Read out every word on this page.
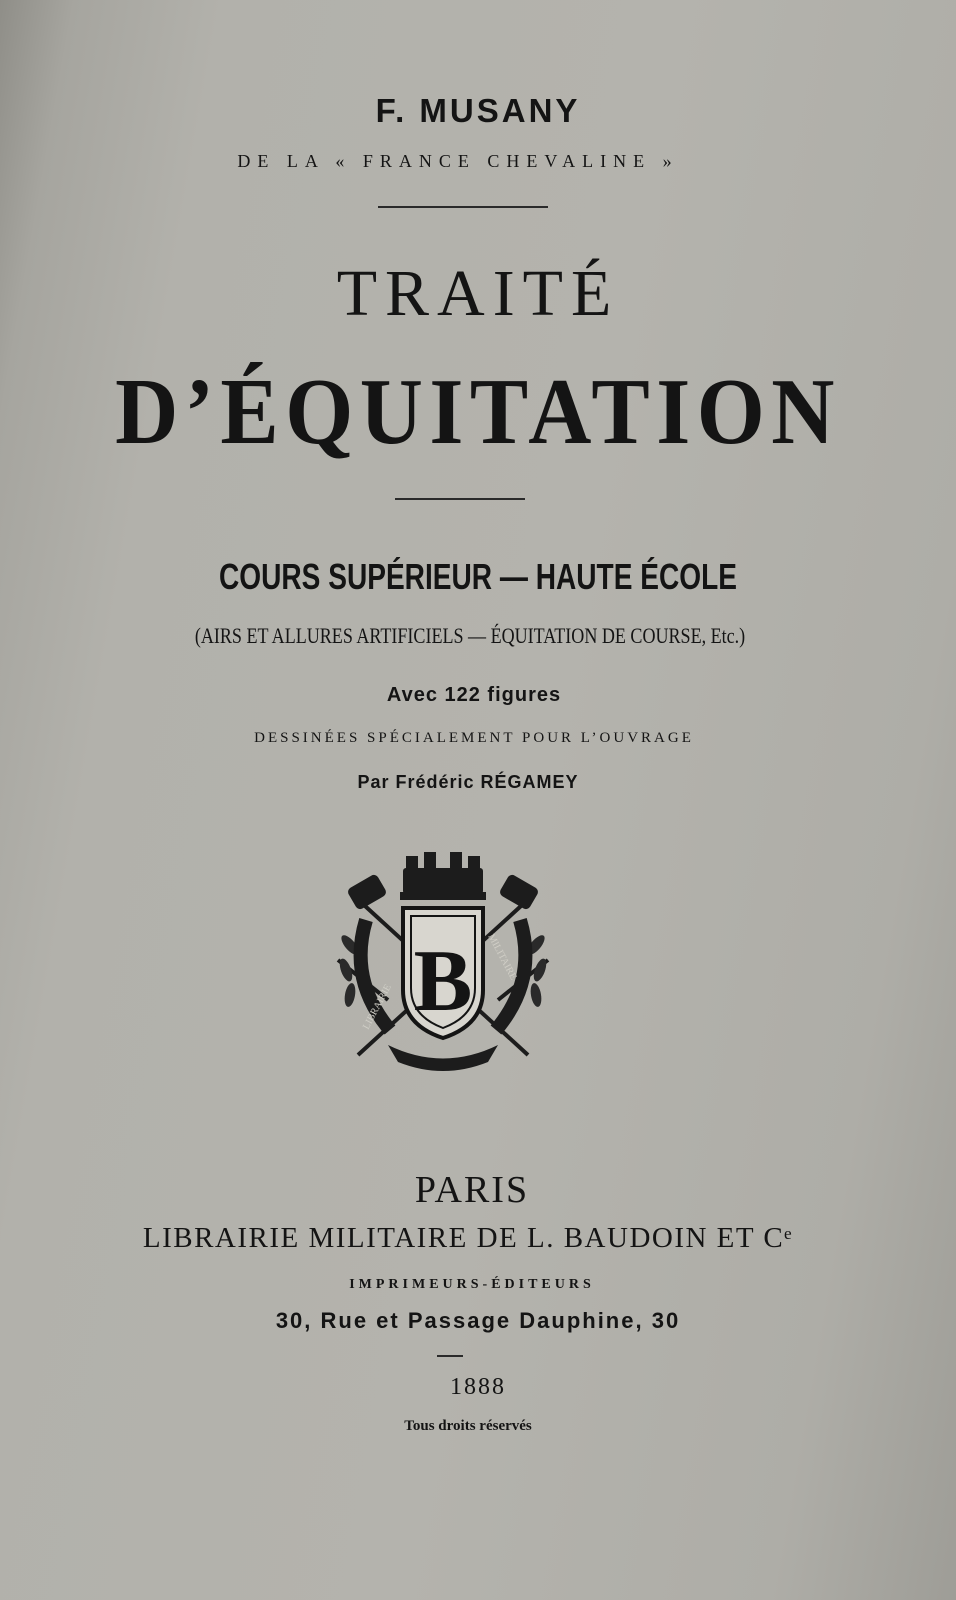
F. MUSANY
DE LA « FRANCE CHEVALINE »
TRAITÉ
D’ÉQUITATION
COURS SUPÉRIEUR — HAUTE ÉCOLE
(AIRS ET ALLURES ARTIFICIELS — ÉQUITATION DE COURSE, Etc.)
Avec 122 figures
DESSINÉES SPÉCIALEMENT POUR L’OUVRAGE
Par Frédéric RÉGAMEY
B
LIBRAIRIE
MILITAIRE
PARIS
LIBRAIRIE MILITAIRE DE L. BAUDOIN ET Cᵉ
IMPRIMEURS-ÉDITEURS
30, Rue et Passage Dauphine, 30
1888
Tous droits réservés
